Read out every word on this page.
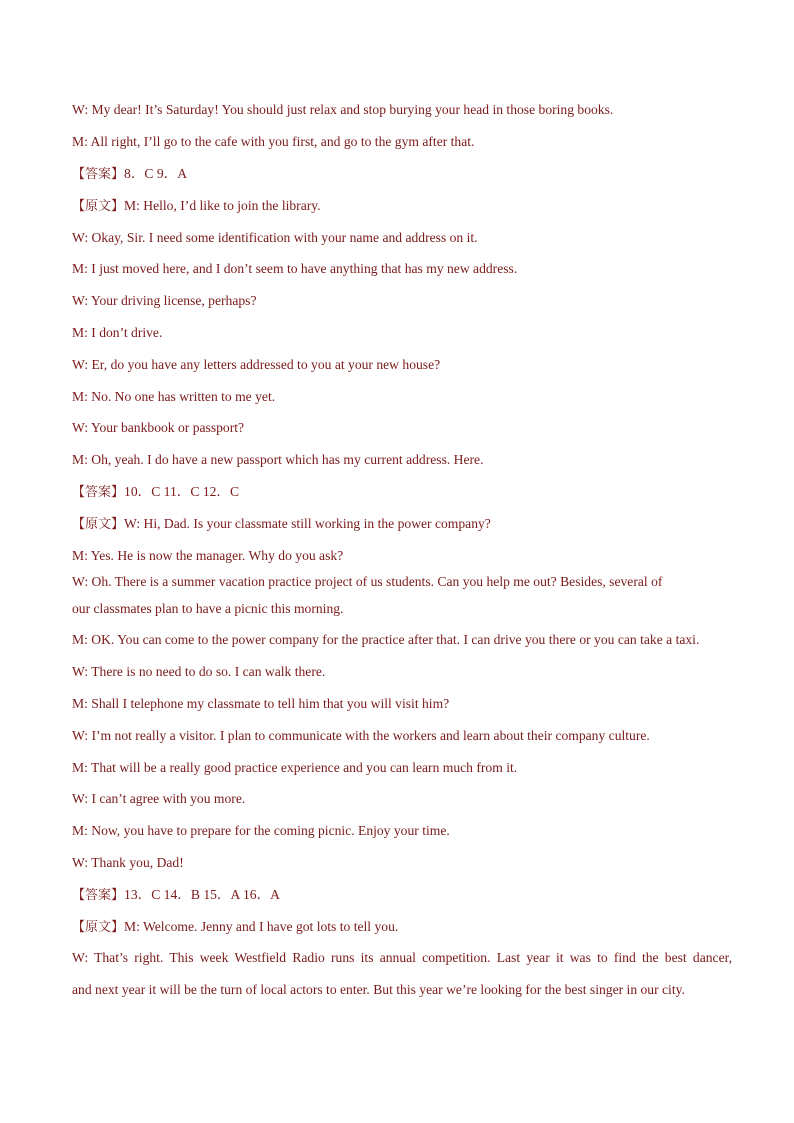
W: My dear! It’s Saturday! You should just relax and stop burying your head in those boring books.
M: All right, I’ll go to the cafe with you first, and go to the gym after that.
【答案】8．C 9．A
【原文】M: Hello, I’d like to join the library.
W: Okay, Sir. I need some identification with your name and address on it.
M: I just moved here, and I don’t seem to have anything that has my new address.
W: Your driving license, perhaps?
M: I don’t drive.
W: Er, do you have any letters addressed to you at your new house?
M: No. No one has written to me yet.
W: Your bankbook or passport?
M: Oh, yeah. I do have a new passport which has my current address. Here.
【答案】10．C 11．C 12．C
【原文】W: Hi, Dad. Is your classmate still working in the power company?
M: Yes. He is now the manager. Why do you ask?
W: Oh. There is a summer vacation practice project of us students. Can you help me out? Besides, several of
our classmates plan to have a picnic this morning.
M: OK. You can come to the power company for the practice after that. I can drive you there or you can take a taxi.
W: There is no need to do so. I can walk there.
M: Shall I telephone my classmate to tell him that you will visit him?
W: I’m not really a visitor. I plan to communicate with the workers and learn about their company culture.
M: That will be a really good practice experience and you can learn much from it.
W: I can’t agree with you more.
M: Now, you have to prepare for the coming picnic. Enjoy your time.
W: Thank you, Dad!
【答案】13．C 14．B 15．A 16．A
【原文】M: Welcome. Jenny and I have got lots to tell you.
W: That’s right. This week Westfield Radio runs its annual competition. Last year it was to find the best dancer,
and next year it will be the turn of local actors to enter. But this year we’re looking for the best singer in our city.
